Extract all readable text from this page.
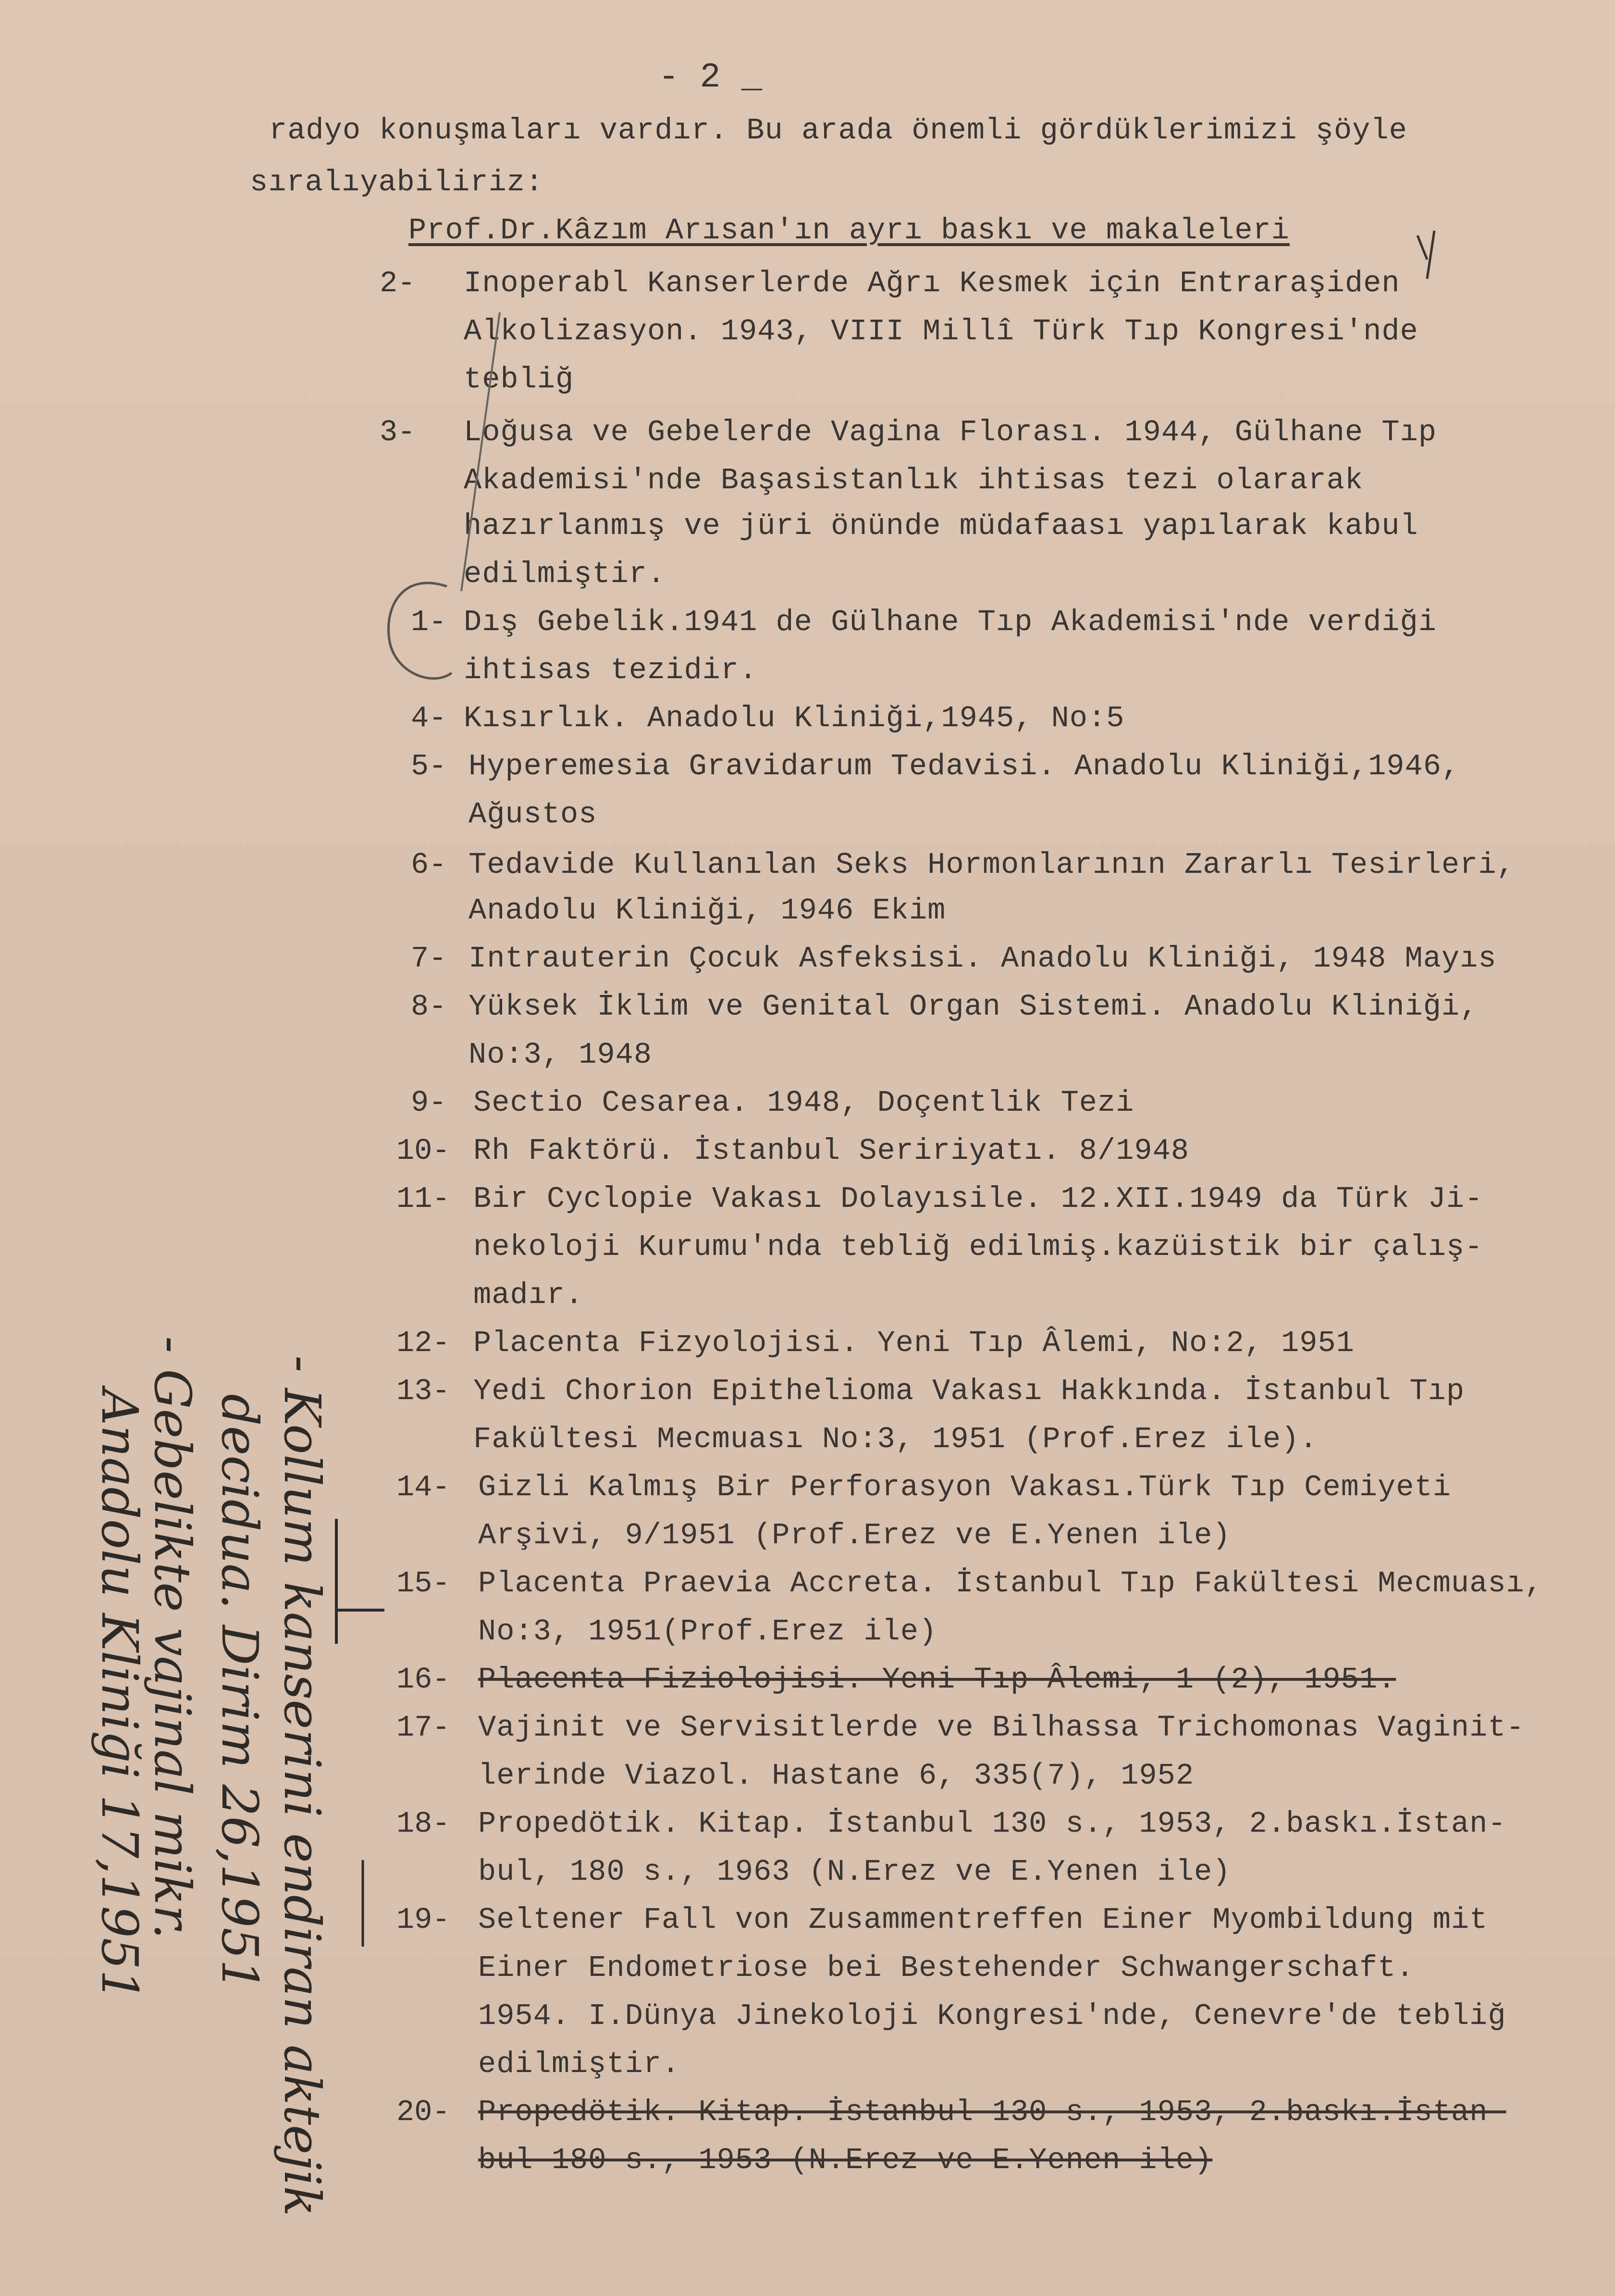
- 2 _
radyo konuşmaları vardır. Bu arada önemli gördüklerimizi şöyle
sıralıyabiliriz:
Prof.Dr.Kâzım Arısan'ın ayrı baskı ve makaleleri
2- Inoperabl Kanserlerde Ağrı Kesmek için Entraraşiden
Alkolizasyon. 1943, VIII Millî Türk Tıp Kongresi'nde
tebliğ
3- Loğusa ve Gebelerde Vagina Florası. 1944, Gülhane Tıp
Akademisi'nde Başasistanlık ihtisas tezi olararak
hazırlanmış ve jüri önünde müdafaası yapılarak kabul
edilmiştir.
1- Dış Gebelik.1941 de Gülhane Tıp Akademisi'nde verdiği
ihtisas tezidir.
4- Kısırlık. Anadolu Kliniği,1945, No:5
5- Hyperemesia Gravidarum Tedavisi. Anadolu Kliniği,1946,
Ağustos
6- Tedavide Kullanılan Seks Hormonlarının Zararlı Tesirleri,
Anadolu Kliniği, 1946 Ekim
7- Intrauterin Çocuk Asfeksisi. Anadolu Kliniği, 1948 Mayıs
8- Yüksek İklim ve Genital Organ Sistemi. Anadolu Kliniği,
No:3, 1948
9- Sectio Cesarea. 1948, Doçentlik Tezi
10- Rh Faktörü. İstanbul Seririyatı. 8/1948
11- Bir Cyclopie Vakası Dolayısile. 12.XII.1949 da Türk Ji-
nekoloji Kurumu'nda tebliğ edilmiş.kazüistik bir çalış-
madır.
12- Placenta Fizyolojisi. Yeni Tıp Âlemi, No:2, 1951
13- Yedi Chorion Epithelioma Vakası Hakkında. İstanbul Tıp
Fakültesi Mecmuası No:3, 1951 (Prof.Erez ile).
14- Gizli Kalmış Bir Perforasyon Vakası.Türk Tıp Cemiyeti
Arşivi, 9/1951 (Prof.Erez ve E.Yenen ile)
15- Placenta Praevia Accreta. İstanbul Tıp Fakültesi Mecmuası,
No:3, 1951(Prof.Erez ile)
16- Placenta Fiziolojisi. Yeni Tıp Âlemi, 1 (2), 1951.
17- Vajinit ve Servisitlerde ve Bilhassa Trichomonas Vaginit-
lerinde Viazol. Hastane 6, 335(7), 1952
18- Propedötik. Kitap. İstanbul 130 s., 1953, 2.baskı.İstan-
bul, 180 s., 1963 (N.Erez ve E.Yenen ile)
19- Seltener Fall von Zusammentreffen Einer Myombildung mit
Einer Endometriose bei Bestehender Schwangerschaft.
1954. I.Dünya Jinekoloji Kongresi'nde, Cenevre'de tebliğ
edilmiştir.
20- Propedötik. Kitap. İstanbul 130 s., 1953, 2.baskı.İstan-
bul 180 s., 1953 (N.Erez ve E.Yenen ile)
- Kollum kanserini endiran aktejik
decidua. Dirim 26,1951
- Gebelikte vajinal mikr.
Anadolu Kliniği 17,1951
